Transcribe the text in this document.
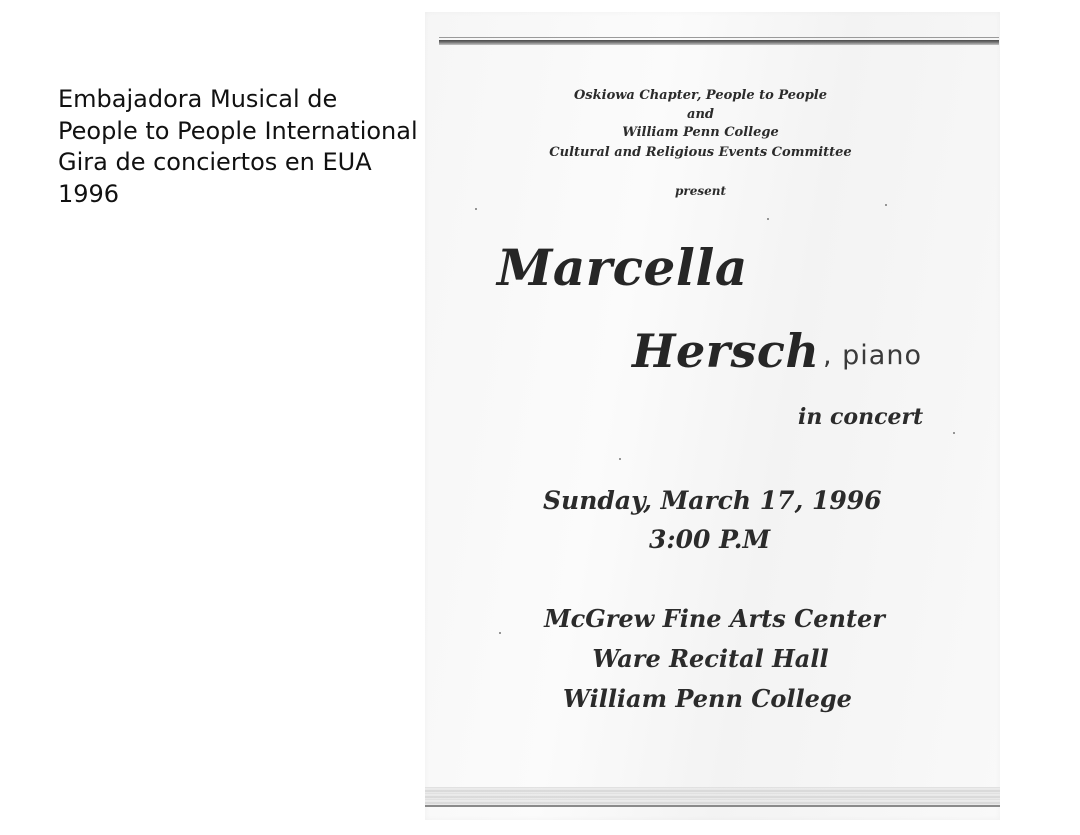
Embajadora Musical de
People to People International
Gira de conciertos en EUA
1996
Oskiowa Chapter, People to People
and
William Penn College
Cultural and Religious Events Committee
present
Marcella
Hersch , piano
in concert
Sunday, March 17, 1996
3:00 P.M
McGrew Fine Arts Center
Ware Recital Hall
William Penn College
